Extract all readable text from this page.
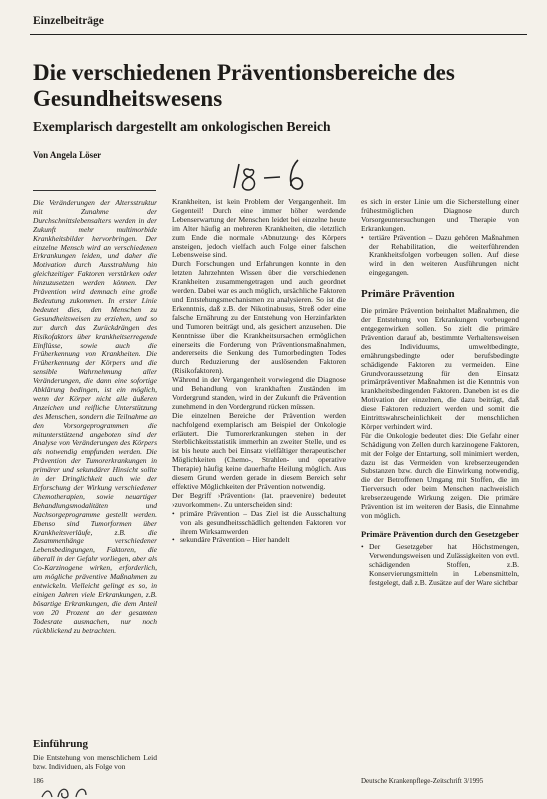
Einzelbeiträge
Die verschiedenen Präventionsbereiche des Gesundheitswesens
Exemplarisch dargestellt am onkologischen Bereich
Von Angela Löser

Die Veränderungen der Altersstruktur mit Zunahme der Durchschnittslebensalters werden in der Zukunft mehr multimorbide Krankheitsbilder hervorbringen. Der einzelne Mensch wird an verschiedenen Erkrankungen leiden, und daher die Motivation durch Ausstrahlung hin gleichzeitiger Faktoren verstärken oder hinzuzusetzen werden können. Der Prävention wird demnach eine große Bedeutung zukommen. In erster Linie bedeutet dies, den Menschen zu Gesundheitsweisen zu erziehen, und so zur durch das Zurückdrängen des Risikofaktors über krankheitserregende Einflüsse, sowie auch die Früherkennung von Krankheiten. Die Früherkennung der Körpers und die sensible Wahrnehmung aller Veränderungen, die dann eine sofortige Abklärung bedingen, ist ein möglich, wenn der Körper nicht alle äußeren Anzeichen und reifliche Unterstützung des Menschen, sondern die Teilnahme an den Vorsorgeprogrammen die mitunterstützend angeboten sind der Analyse von Veränderungen des Körpers als notwendig empfunden werden. Die Prävention der Tumorerkrankungen in primärer und sekundärer Hinsicht sollte in der Dringlichkeit auch wie der Erforschung der Wirkung verschiedener Chemotherapien, sowie neuartiger Behandlungsmodalitäten und Nachsorgeprogramme gestellt werden. Ebenso sind Tumorformen über Krankheitsverläufe, z.B. die Zusammenhänge verschiedener Lebensbedingungen, Faktoren, die überall in der Gefahr vorliegen, aber als Co-Karzinogene wirken, erforderlich, um mögliche präventive Maßnahmen zu entwickeln. Vielleicht gelingt es so, in einigen Jahren viele Erkrankungen, z.B. bösartige Erkrankungen, die dem Anteil von 20 Prozent an der gesamten Todesrate ausmachen, nur noch rückblickend zu betrachten.

Krankheiten, ist kein Problem der Vergangenheit. Im Gegenteil! Durch eine immer höher werdende Lebenserwartung der Menschen leidet bei einzelne heute im Alter häufig an mehreren Krankheiten, die ›letztlich zum Ende die normale ›Abnutzung‹ des Körpers ansteigen, jedoch vielfach auch Folge einer falschen Lebensweise sind.

Durch Forschungen und Erfahrungen konnte in den letzten Jahrzehnten Wissen über die verschiedenen Krankheiten zusammengetragen und auch geordnet werden. Dabei war es auch möglich, ursächliche Faktoren und Entstehungsmechanismen zu analysieren. So ist die Erkenntnis, daß z.B. der Nikotinabusus, Streß oder eine falsche Ernährung zu der Entstehung von Herzinfarkten und Tumoren beiträgt und, als gesichert anzusehen. Die Kenntnisse über die Krankheitsursachen ermöglichen einerseits die Forderung von Präventionsmaßnahmen, andererseits die Senkung des Tumorbedingten Todes durch Reduzierung der auslösenden Faktoren (Risikofaktoren).

Während in der Vergangenheit vorwiegend die Diagnose und Behandlung von krankhaften Zuständen im Vordergrund standen, wird in der Zukunft die Prävention zunehmend in den Vordergrund rücken müssen.

Die einzelnen Bereiche der Prävention werden nachfolgend exemplarisch am Beispiel der Onkologie erläutert. Die Tumorerkrankungen stehen in der Sterblichkeitsstatistik immerhin an zweiter Stelle, und es ist bis heute auch bei Einsatz vielfältiger therapeutischer Möglichkeiten (Chemo-, Strahlen- und operative Therapie) häufig keine dauerhafte Heilung möglich. Aus diesem Grund werden gerade in diesem Bereich sehr effektive Möglichkeiten der Prävention notwendig.

Der Begriff ›Prävention‹ (lat. praevenire) bedeutet ›zuvorkommen‹. Zu unterscheiden sind:

• primäre Prävention – Das Ziel ist die Ausschaltung von als gesundheitsschädlich geltenden Faktoren vor ihrem Wirksamwerden
• sekundäre Prävention – Hier handelt

es sich in erster Linie um die Sicherstellung einer frühestmöglichen Diagnose durch Vorsorgeuntersuchungen und Therapie von Erkrankungen.

• tertiäre Prävention – Dazu gehören Maßnahmen der Rehabilitation, die weiterführenden Krankheitsfolgen vorbeugen sollen. Auf diese wird in den weiteren Ausführungen nicht eingegangen.
Primäre Prävention

Die primäre Prävention beinhaltet Maßnahmen, die der Entstehung von Erkrankungen vorbeugend entgegenwirken sollen. So zielt die primäre Prävention darauf ab, bestimmte Verhaltensweisen des Individuums, umweltbedingte, ernährungsbedingte oder berufsbedingte schädigende Faktoren zu vermeiden. Eine Grundvoraussetzung für den Einsatz primärpräventiver Maßnahmen ist die Kenntnis von krankheitsbedingenden Faktoren. Daneben ist es die Motivation der einzelnen, die dazu beiträgt, daß diese Faktoren reduziert werden und somit die Eintrittswahrscheinlichkeit der menschlichen Körper verhindert wird.

Für die Onkologie bedeutet dies: Die Gefahr einer Schädigung von Zellen durch karzinogene Faktoren, mit der Folge der Entartung, soll minimiert werden, dazu ist das Vermeiden von krebserzeugenden Substanzen bzw. durch die Einwirkung notwendig, die der Betroffenen Umgang mit Stoffen, die im Tierversuch oder beim Menschen nachweislich krebserzeugende Wirkung zeigen. Die primäre Prävention ist im weiteren der Basis, die Einnahme von möglich.

Primäre Prävention durch den Gesetzgeber
• Der Gesetzgeber hat Höchstmengen, Verwendungsweisen und Zulässigkeiten von evtl. schädigenden Stoffen, z.B. Konservierungsmitteln in Lebensmitteln, festgelegt, daß z.B. Zusätze auf der Ware sichtbar
Einführung
Die Entstehung von menschlichem Leid bzw. Individuen, als Folge von
186	Deutsche Krankenpflege-Zeitschrift 3/1995
